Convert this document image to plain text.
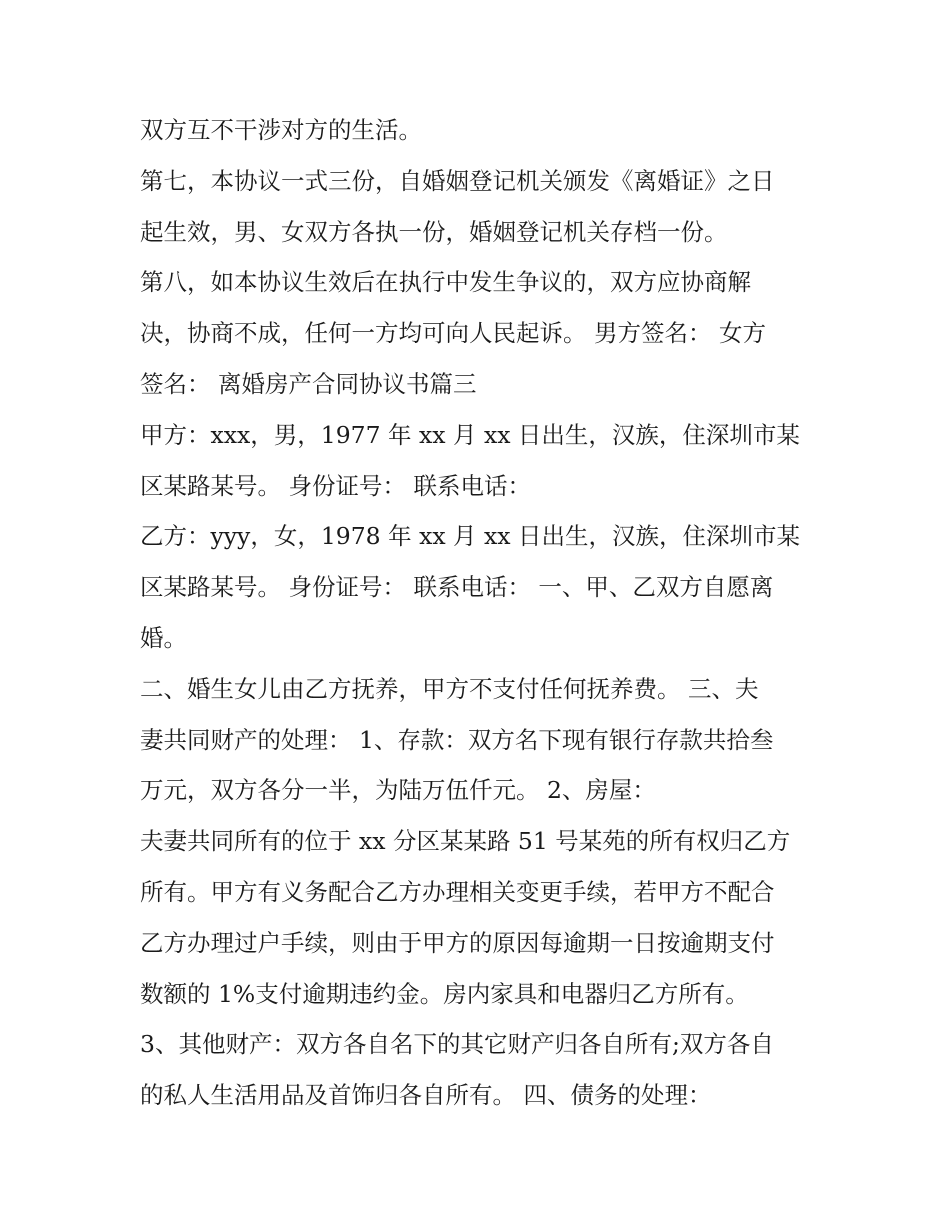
双方互不干涉对方的生活。
第七，本协议一式三份，自婚姻登记机关颁发《离婚证》之日
起生效，男、女双方各执一份，婚姻登记机关存档一份。
第八，如本协议生效后在执行中发生争议的，双方应协商解
决，协商不成，任何一方均可向人民起诉。 男方签名： 女方
签名： 离婚房产合同协议书篇三
甲方：xxx，男，1977 年 xx 月 xx 日出生，汉族，住深圳市某
区某路某号。 身份证号： 联系电话：
乙方：yyy，女，1978 年 xx 月 xx 日出生，汉族，住深圳市某
区某路某号。 身份证号： 联系电话： 一、甲、乙双方自愿离
婚。
二、婚生女儿由乙方抚养，甲方不支付任何抚养费。 三、夫
妻共同财产的处理： 1、存款：双方名下现有银行存款共拾叁
万元，双方各分一半，为陆万伍仟元。 2、房屋：
夫妻共同所有的位于 xx 分区某某路 51 号某苑的所有权归乙方
所有。甲方有义务配合乙方办理相关变更手续，若甲方不配合
乙方办理过户手续，则由于甲方的原因每逾期一日按逾期支付
数额的 1%支付逾期违约金。房内家具和电器归乙方所有。
3、其他财产：双方各自名下的其它财产归各自所有;双方各自
的私人生活用品及首饰归各自所有。 四、债务的处理：
